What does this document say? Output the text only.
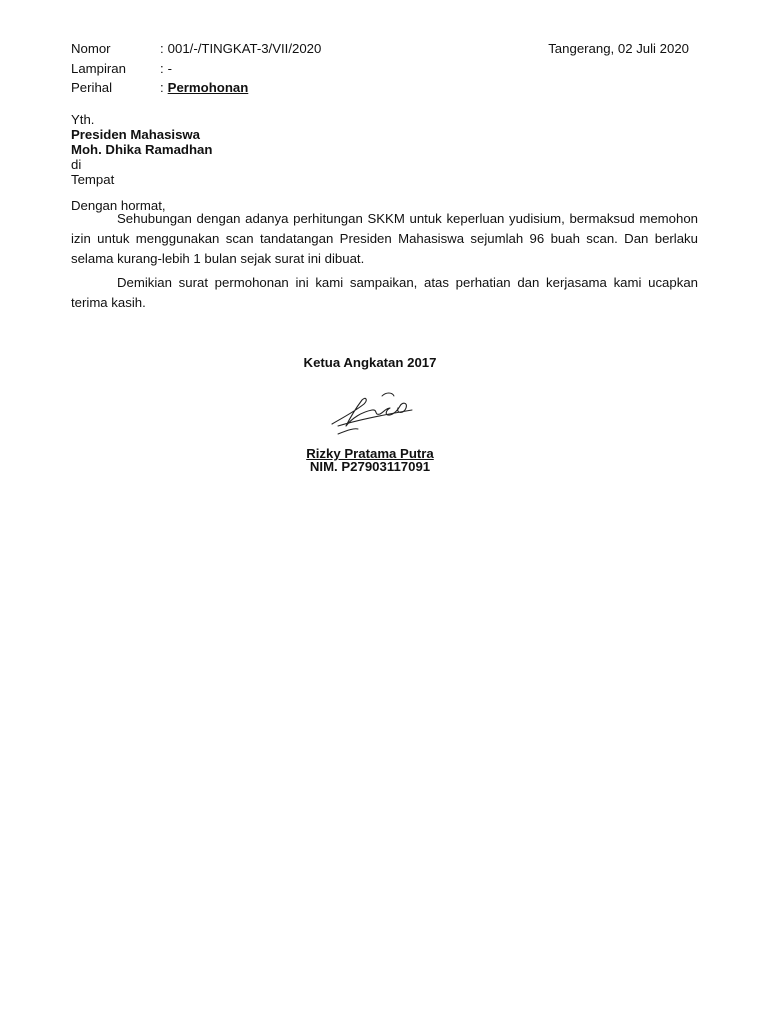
Nomor	: 001/-/TINGKAT-3/VII/2020
Lampiran	: -
Perihal	: Permohonan
Tangerang, 02 Juli 2020
Yth.
Presiden Mahasiswa
Moh. Dhika Ramadhan
di
Tempat
Dengan hormat,
Sehubungan dengan adanya perhitungan SKKM untuk keperluan yudisium, bermaksud memohon izin untuk menggunakan scan tandatangan Presiden Mahasiswa sejumlah 96 buah scan. Dan berlaku selama kurang-lebih 1 bulan sejak surat ini dibuat.
Demikian surat permohonan ini kami sampaikan, atas perhatian dan kerjasama kami ucapkan terima kasih.
Ketua Angkatan 2017
Rizky Pratama Putra
NIM. P27903117091
